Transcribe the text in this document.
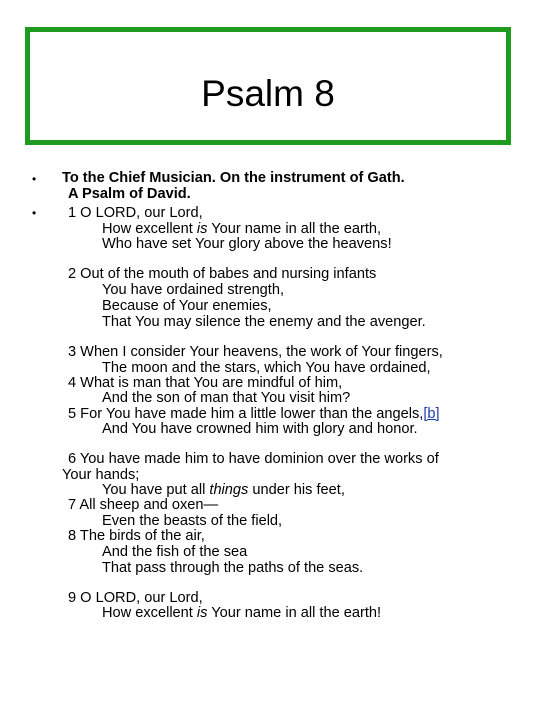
Psalm 8
•
•
To the Chief Musician. On the instrument of Gath.
A Psalm of David.
1 O LORD, our Lord,
How excellent is Your name in all the earth,
Who have set Your glory above the heavens!
2 Out of the mouth of babes and nursing infants
You have ordained strength,
Because of Your enemies,
That You may silence the enemy and the avenger.
3 When I consider Your heavens, the work of Your fingers,
The moon and the stars, which You have ordained,
4 What is man that You are mindful of him,
And the son of man that You visit him?
5 For You have made him a little lower than the angels,[b]
And You have crowned him with glory and honor.
6 You have made him to have dominion over the works of
Your hands;
You have put all things under his feet,
7 All sheep and oxen—
Even the beasts of the field,
8 The birds of the air,
And the fish of the sea
That pass through the paths of the seas.
9 O LORD, our Lord,
How excellent is Your name in all the earth!
